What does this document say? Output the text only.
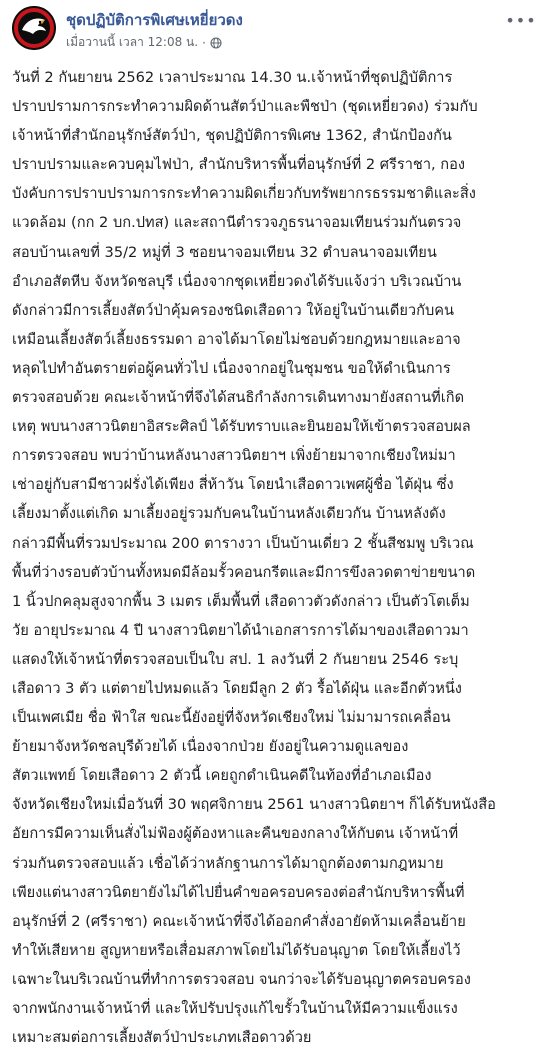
ชุดปฏิบัติการพิเศษเหยี่ยวดง
เมื่อวานนี้ เวลา 12:08 น. ·
•••
วันที่ 2 กันยายน 2562 เวลาประมาณ 14.30 น.เจ้าหน้าที่ชุดปฏิบัติการ
ปราบปรามการกระทำความผิดด้านสัตว์ป่าและพืชป่า (ชุดเหยี่ยวดง) ร่วมกับ
เจ้าหน้าที่สำนักอนุรักษ์สัตว์ป่า, ชุดปฏิบัติการพิเศษ 1362, สำนักป้องกัน
ปราบปรามและควบคุมไฟป่า, สำนักบริหารพื้นที่อนุรักษ์ที่ 2 ศรีราชา, กอง
บังคับการปราบปรามการกระทำความผิดเกี่ยวกับทรัพยากรธรรมชาติและสิ่ง
แวดล้อม (กก 2 บก.ปทส) และสถานีตำรวจภูธรนาจอมเทียนร่วมกันตรวจ
สอบบ้านเลขที่ 35/2 หมู่ที่ 3 ซอยนาจอมเทียน 32 ตำบลนาจอมเทียน
อำเภอสัตหีบ จังหวัดชลบุรี เนื่องจากชุดเหยี่ยวดงได้รับแจ้งว่า บริเวณบ้าน
ดังกล่าวมีการเลี้ยงสัตว์ป่าคุ้มครองชนิดเสือดาว ให้อยู่ในบ้านเดียวกับคน
เหมือนเลี้ยงสัตว์เลี้ยงธรรมดา อาจได้มาโดยไม่ชอบด้วยกฎหมายและอาจ
หลุดไปทำอันตรายต่อผู้คนทั่วไป เนื่องจากอยู่ในชุมชน ขอให้ดำเนินการ
ตรวจสอบด้วย คณะเจ้าหน้าที่จึงได้สนธิกำลังการเดินทางมายังสถานที่เกิด
เหตุ พบนางสาวนิตยาอิสระศิลป์ ได้รับทราบและยินยอมให้เข้าตรวจสอบผล
การตรวจสอบ พบว่าบ้านหลังนางสาวนิตยาฯ เพิ่งย้ายมาจากเชียงใหม่มา
เช่าอยู่กับสามีชาวฝรั่งได้เพียง สี่ห้าวัน โดยนำเสือดาวเพศผู้ชื่อ ไต้ฝุ่น ซึ่ง
เลี้ยงมาตั้งแต่เกิด มาเลี้ยงอยู่รวมกับคนในบ้านหลังเดียวกัน บ้านหลังดัง
กล่าวมีพื้นที่รวมประมาณ 200 ตารางวา เป็นบ้านเดี่ยว 2 ชั้นสีชมพู บริเวณ
พื้นที่ว่างรอบตัวบ้านทั้งหมดมีล้อมรั้วคอนกรีตและมีการขึงลวดตาข่ายขนาด
1 นิ้วปกคลุมสูงจากพื้น 3 เมตร เต็มพื้นที่ เสือดาวตัวดังกล่าว เป็นตัวโตเต็ม
วัย อายุประมาณ 4 ปี นางสาวนิตยาได้นำเอกสารการได้มาของเสือดาวมา
แสดงให้เจ้าหน้าที่ตรวจสอบเป็นใบ สป. 1 ลงวันที่ 2 กันยายน 2546 ระบุ
เสือดาว 3 ตัว แต่ตายไปหมดแล้ว โดยมีลูก 2 ตัว รื้อได้ฝุ่น และอีกตัวหนึ่ง
เป็นเพศเมีย ชื่อ ฟ้าใส ขณะนี้ยังอยู่ที่จังหวัดเชียงใหม่ ไม่มามารถเคลื่อน
ย้ายมาจังหวัดชลบุรีด้วยได้ เนื่องจากป่วย ยังอยู่ในความดูแลของ
สัตวแพทย์ โดยเสือดาว 2 ตัวนี้ เคยถูกดำเนินคดีในท้องที่อำเภอเมือง
จังหวัดเชียงใหม่เมื่อวันที่ 30 พฤศจิกายน 2561 นางสาวนิตยาฯ ก็ได้รับหนังสือ
อัยการมีความเห็นสั่งไม่ฟ้องผู้ต้องหาและคืนของกลางให้กับตน เจ้าหน้าที่
ร่วมกันตรวจสอบแล้ว เชื่อได้ว่าหลักฐานการได้มาถูกต้องตามกฎหมาย
เพียงแต่นางสาวนิตยายังไม่ได้ไปยื่นคำขอครอบครองต่อสำนักบริหารพื้นที่
อนุรักษ์ที่ 2 (ศรีราชา) คณะเจ้าหน้าที่จึงได้ออกคำสั่งอายัดห้ามเคลื่อนย้าย
ทำให้เสียหาย สูญหายหรือเสื่อมสภาพโดยไม่ได้รับอนุญาต โดยให้เลี้ยงไว้
เฉพาะในบริเวณบ้านที่ทำการตรวจสอบ จนกว่าจะได้รับอนุญาตครอบครอง
จากพนักงานเจ้าหน้าที่ และให้ปรับปรุงแก้ไขรั้วในบ้านให้มีความแข็งแรง
เหมาะสมต่อการเลี้ยงสัตว์ป่าประเภทเสือดาวด้วย
